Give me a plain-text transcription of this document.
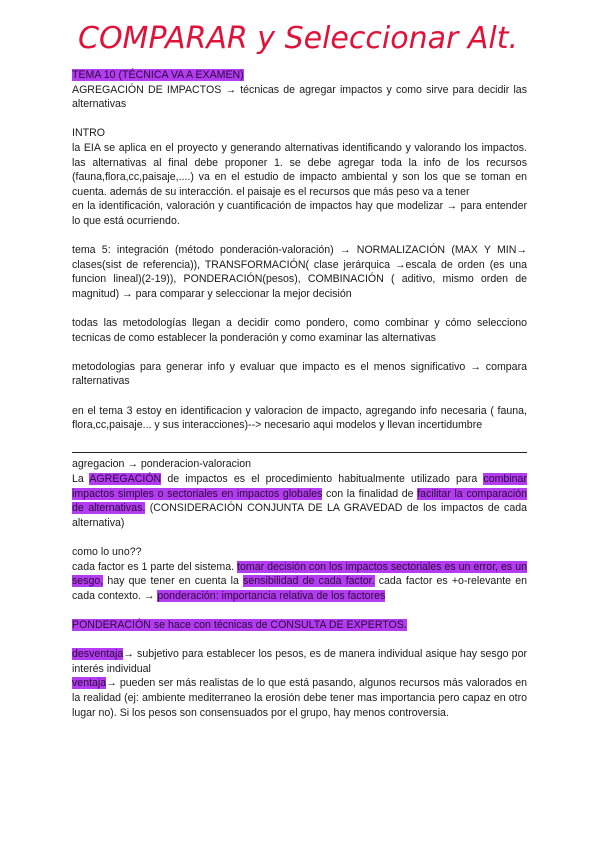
COMPARAR y Seleccionar Alt.

TEMA 10 (TÉCNICA VA A EXAMEN)

AGREGACIÓN DE IMPACTOS → técnicas de agregar impactos y como sirve para decidir las alternativas

INTRO

la EIA se aplica en el proyecto y generando alternativas identificando y valorando los impactos. las alternativas al final debe proponer 1. se debe agregar toda la info de los recursos (fauna,flora,cc,paisaje,....) va en el estudio de impacto ambiental y son los que se toman en cuenta. además de su interacción. el paisaje es el recursos que más peso va a tener

en la identificación, valoración y cuantificación de impactos hay que modelizar → para entender lo que está ocurriendo.

tema 5: integración (método ponderación-valoración) → NORMALIZACIÓN (MAX Y MIN→ clases(sist de referencia)), TRANSFORMACIÓN( clase jerárquica →escala de orden (es una funcion lineal)(2-19)), PONDERACIÓN(pesos), COMBINACIÓN ( aditivo, mismo orden de magnitud) → para comparar y seleccionar la mejor decisión

todas las metodologías llegan a decidir como pondero, como combinar y cómo selecciono tecnicas de como establecer la ponderación y como examinar las alternativas

metodologias para generar info y evaluar que impacto es el menos significativo → compara ralternativas

en el tema 3 estoy en identificacion y valoracion de impacto, agregando info necesaria ( fauna, flora,cc,paisaje... y sus interacciones)--> necesario aqui modelos y llevan incertidumbre

agregacion → ponderacion-valoracion

La AGREGACIÓN de impactos es el procedimiento habitualmente utilizado para combinar impactos simples o sectoriales en impactos globales con la finalidad de facilitar la comparación de alternativas. (CONSIDERACIÓN CONJUNTA DE LA GRAVEDAD de los impactos de cada alternativa)

como lo uno??

cada factor es 1 parte del sistema. tomar decisión con los impactos sectoriales es un error, es un sesgo, hay que tener en cuenta la sensibilidad de cada factor. cada factor es +o-relevante en cada contexto. → ponderación: importancia relativa de los factores

PONDERACIÓN se hace con técnicas de CONSULTA DE EXPERTOS.

desventaja→ subjetivo para establecer los pesos, es de manera individual asique hay sesgo por interés individual

ventaja→ pueden ser más realistas de lo que está pasando, algunos recursos más valorados en la realidad (ej: ambiente mediterraneo la erosión debe tener mas importancia pero capaz en otro lugar no). Si los pesos son consensuados por el grupo, hay menos controversia.
